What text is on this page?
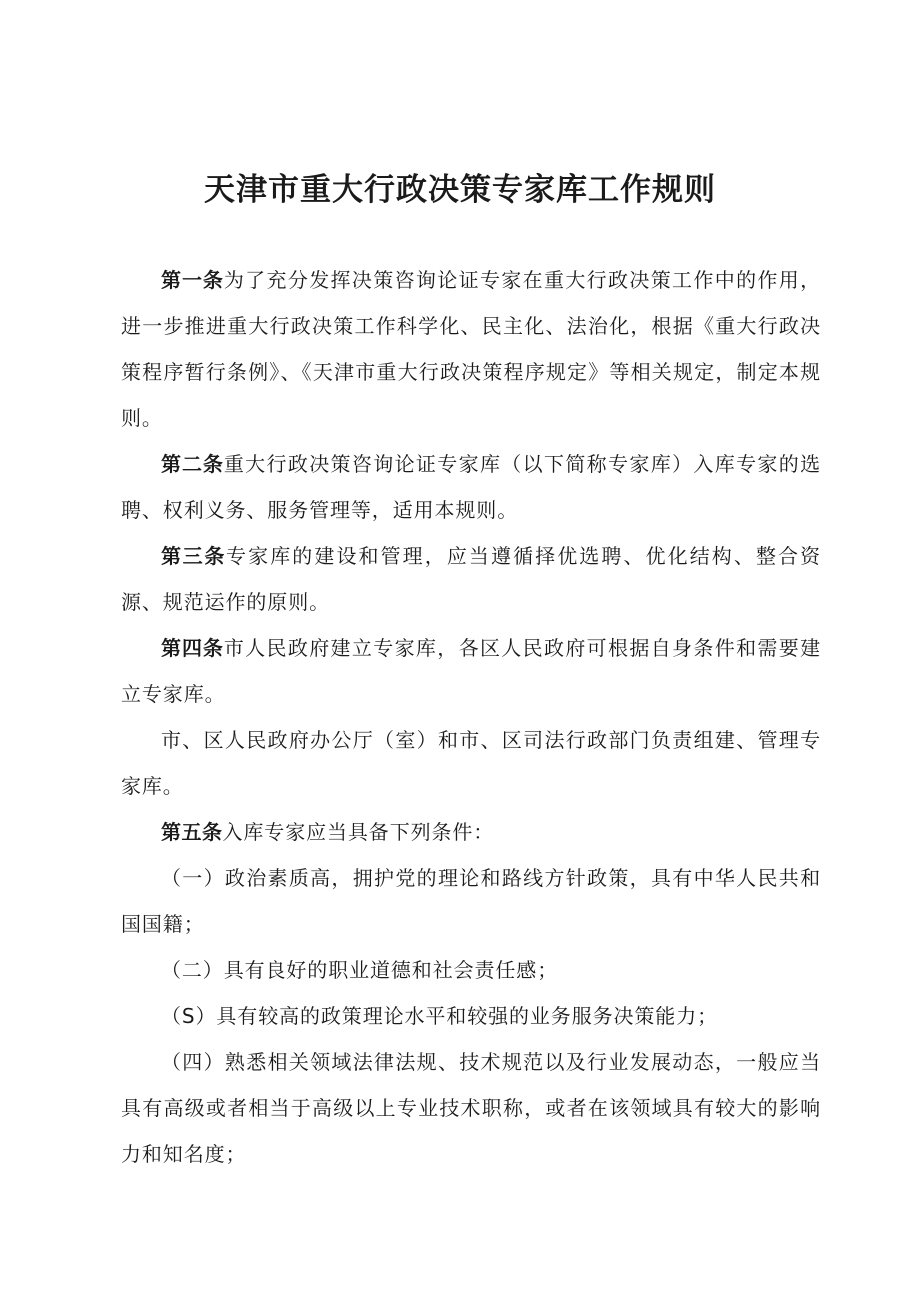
天津市重大行政决策专家库工作规则

第一条为了充分发挥决策咨询论证专家在重大行政决策工作中的作用，进一步推进重大行政决策工作科学化、民主化、法治化，根据《重大行政决策程序暂行条例》、《天津市重大行政决策程序规定》等相关规定，制定本规则。

第二条重大行政决策咨询论证专家库（以下简称专家库）入库专家的选聘、权利义务、服务管理等，适用本规则。

第三条专家库的建设和管理，应当遵循择优选聘、优化结构、整合资源、规范运作的原则。

第四条市人民政府建立专家库，各区人民政府可根据自身条件和需要建立专家库。

市、区人民政府办公厅（室）和市、区司法行政部门负责组建、管理专家库。

第五条入库专家应当具备下列条件：

（一）政治素质高，拥护党的理论和路线方针政策，具有中华人民共和国国籍；

（二）具有良好的职业道德和社会责任感；

（S）具有较高的政策理论水平和较强的业务服务决策能力；

（四）熟悉相关领域法律法规、技术规范以及行业发展动态，一般应当具有高级或者相当于高级以上专业技术职称，或者在该领域具有较大的影响力和知名度；
